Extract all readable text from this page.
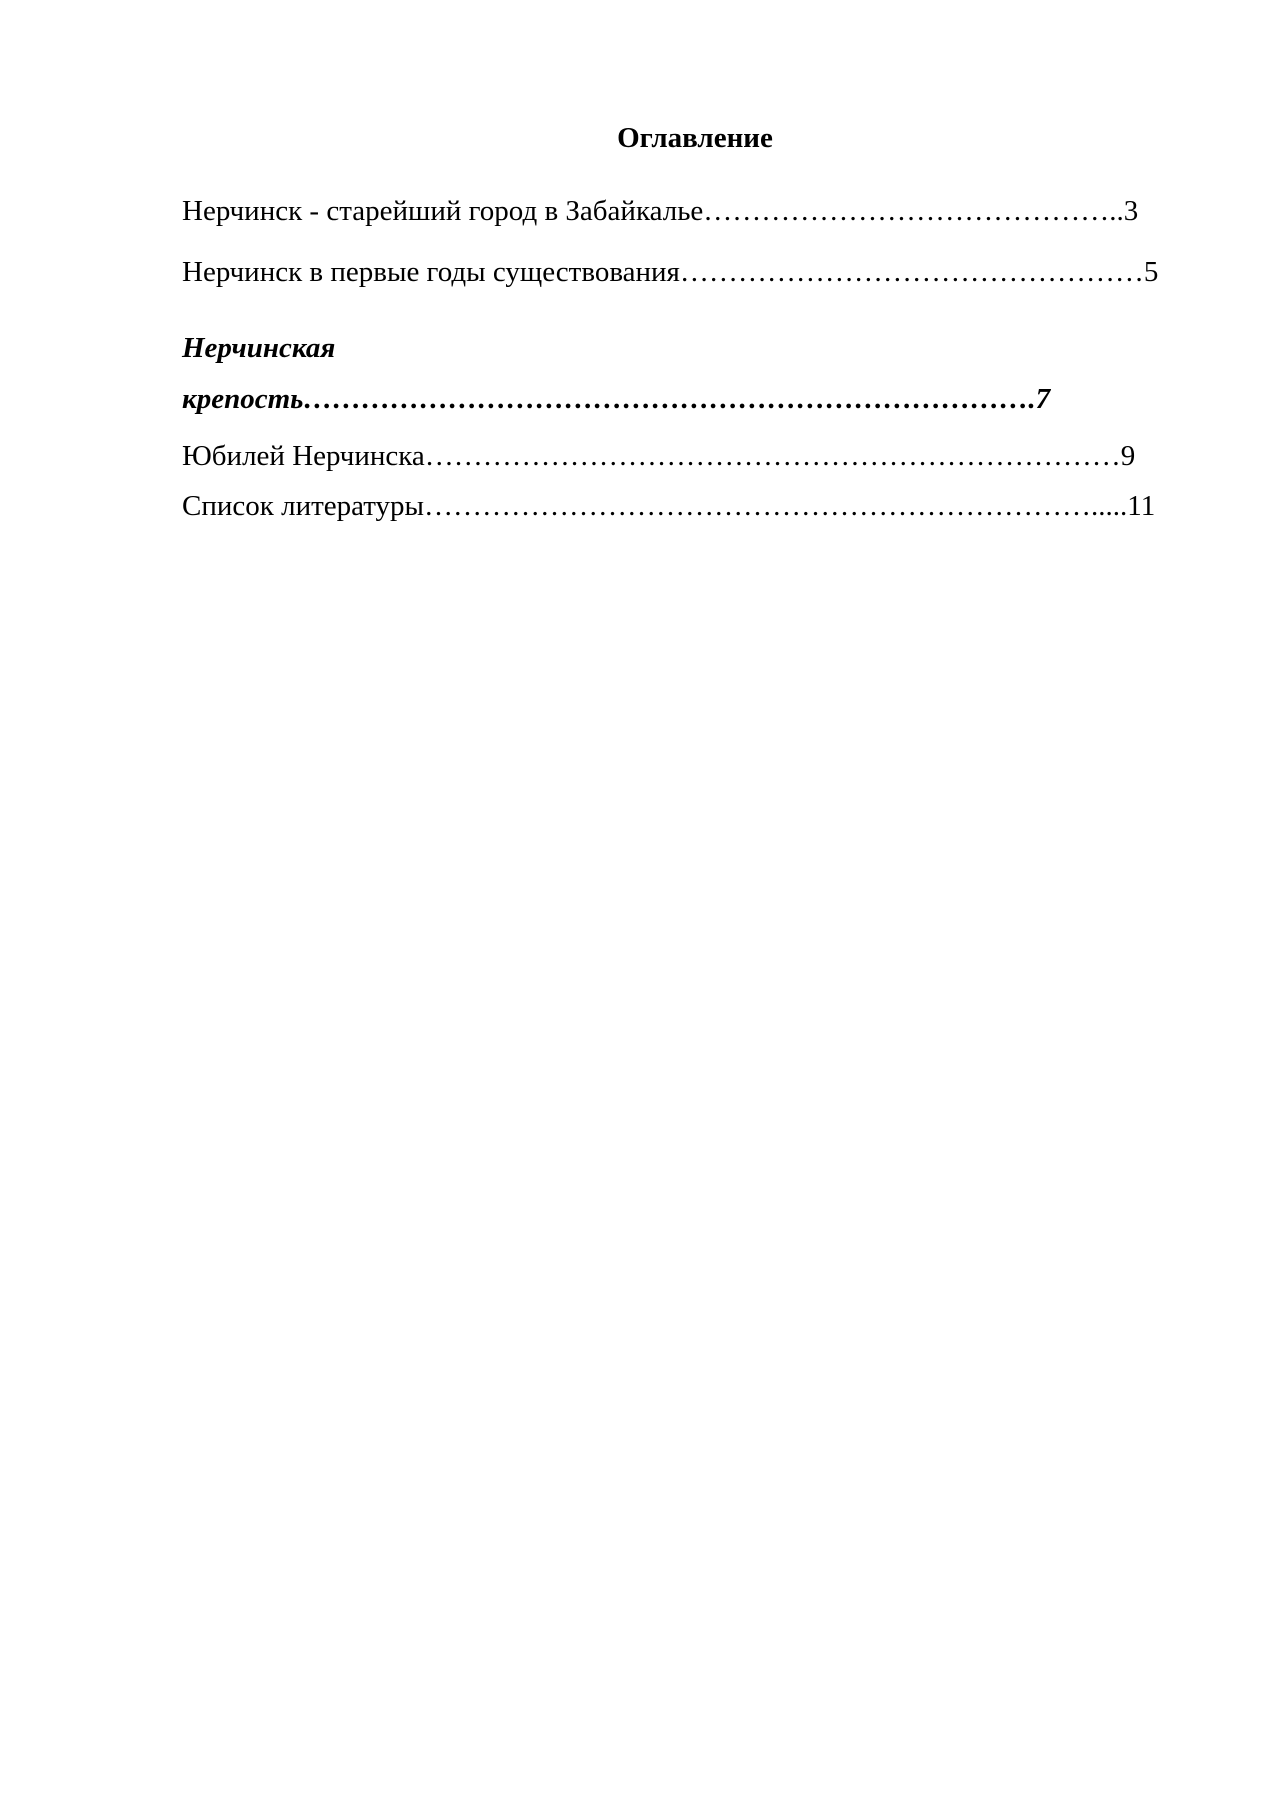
Оглавление
Нерчинск - старейший город в Забайкалье……………………………………..3
Нерчинск в первые годы существования…………………………………………5
Нерчинская
крепость………………………………………………………………….7
Юбилей Нерчинска………………………………………………………………9
Список литературы…………………………………………………………….....11
